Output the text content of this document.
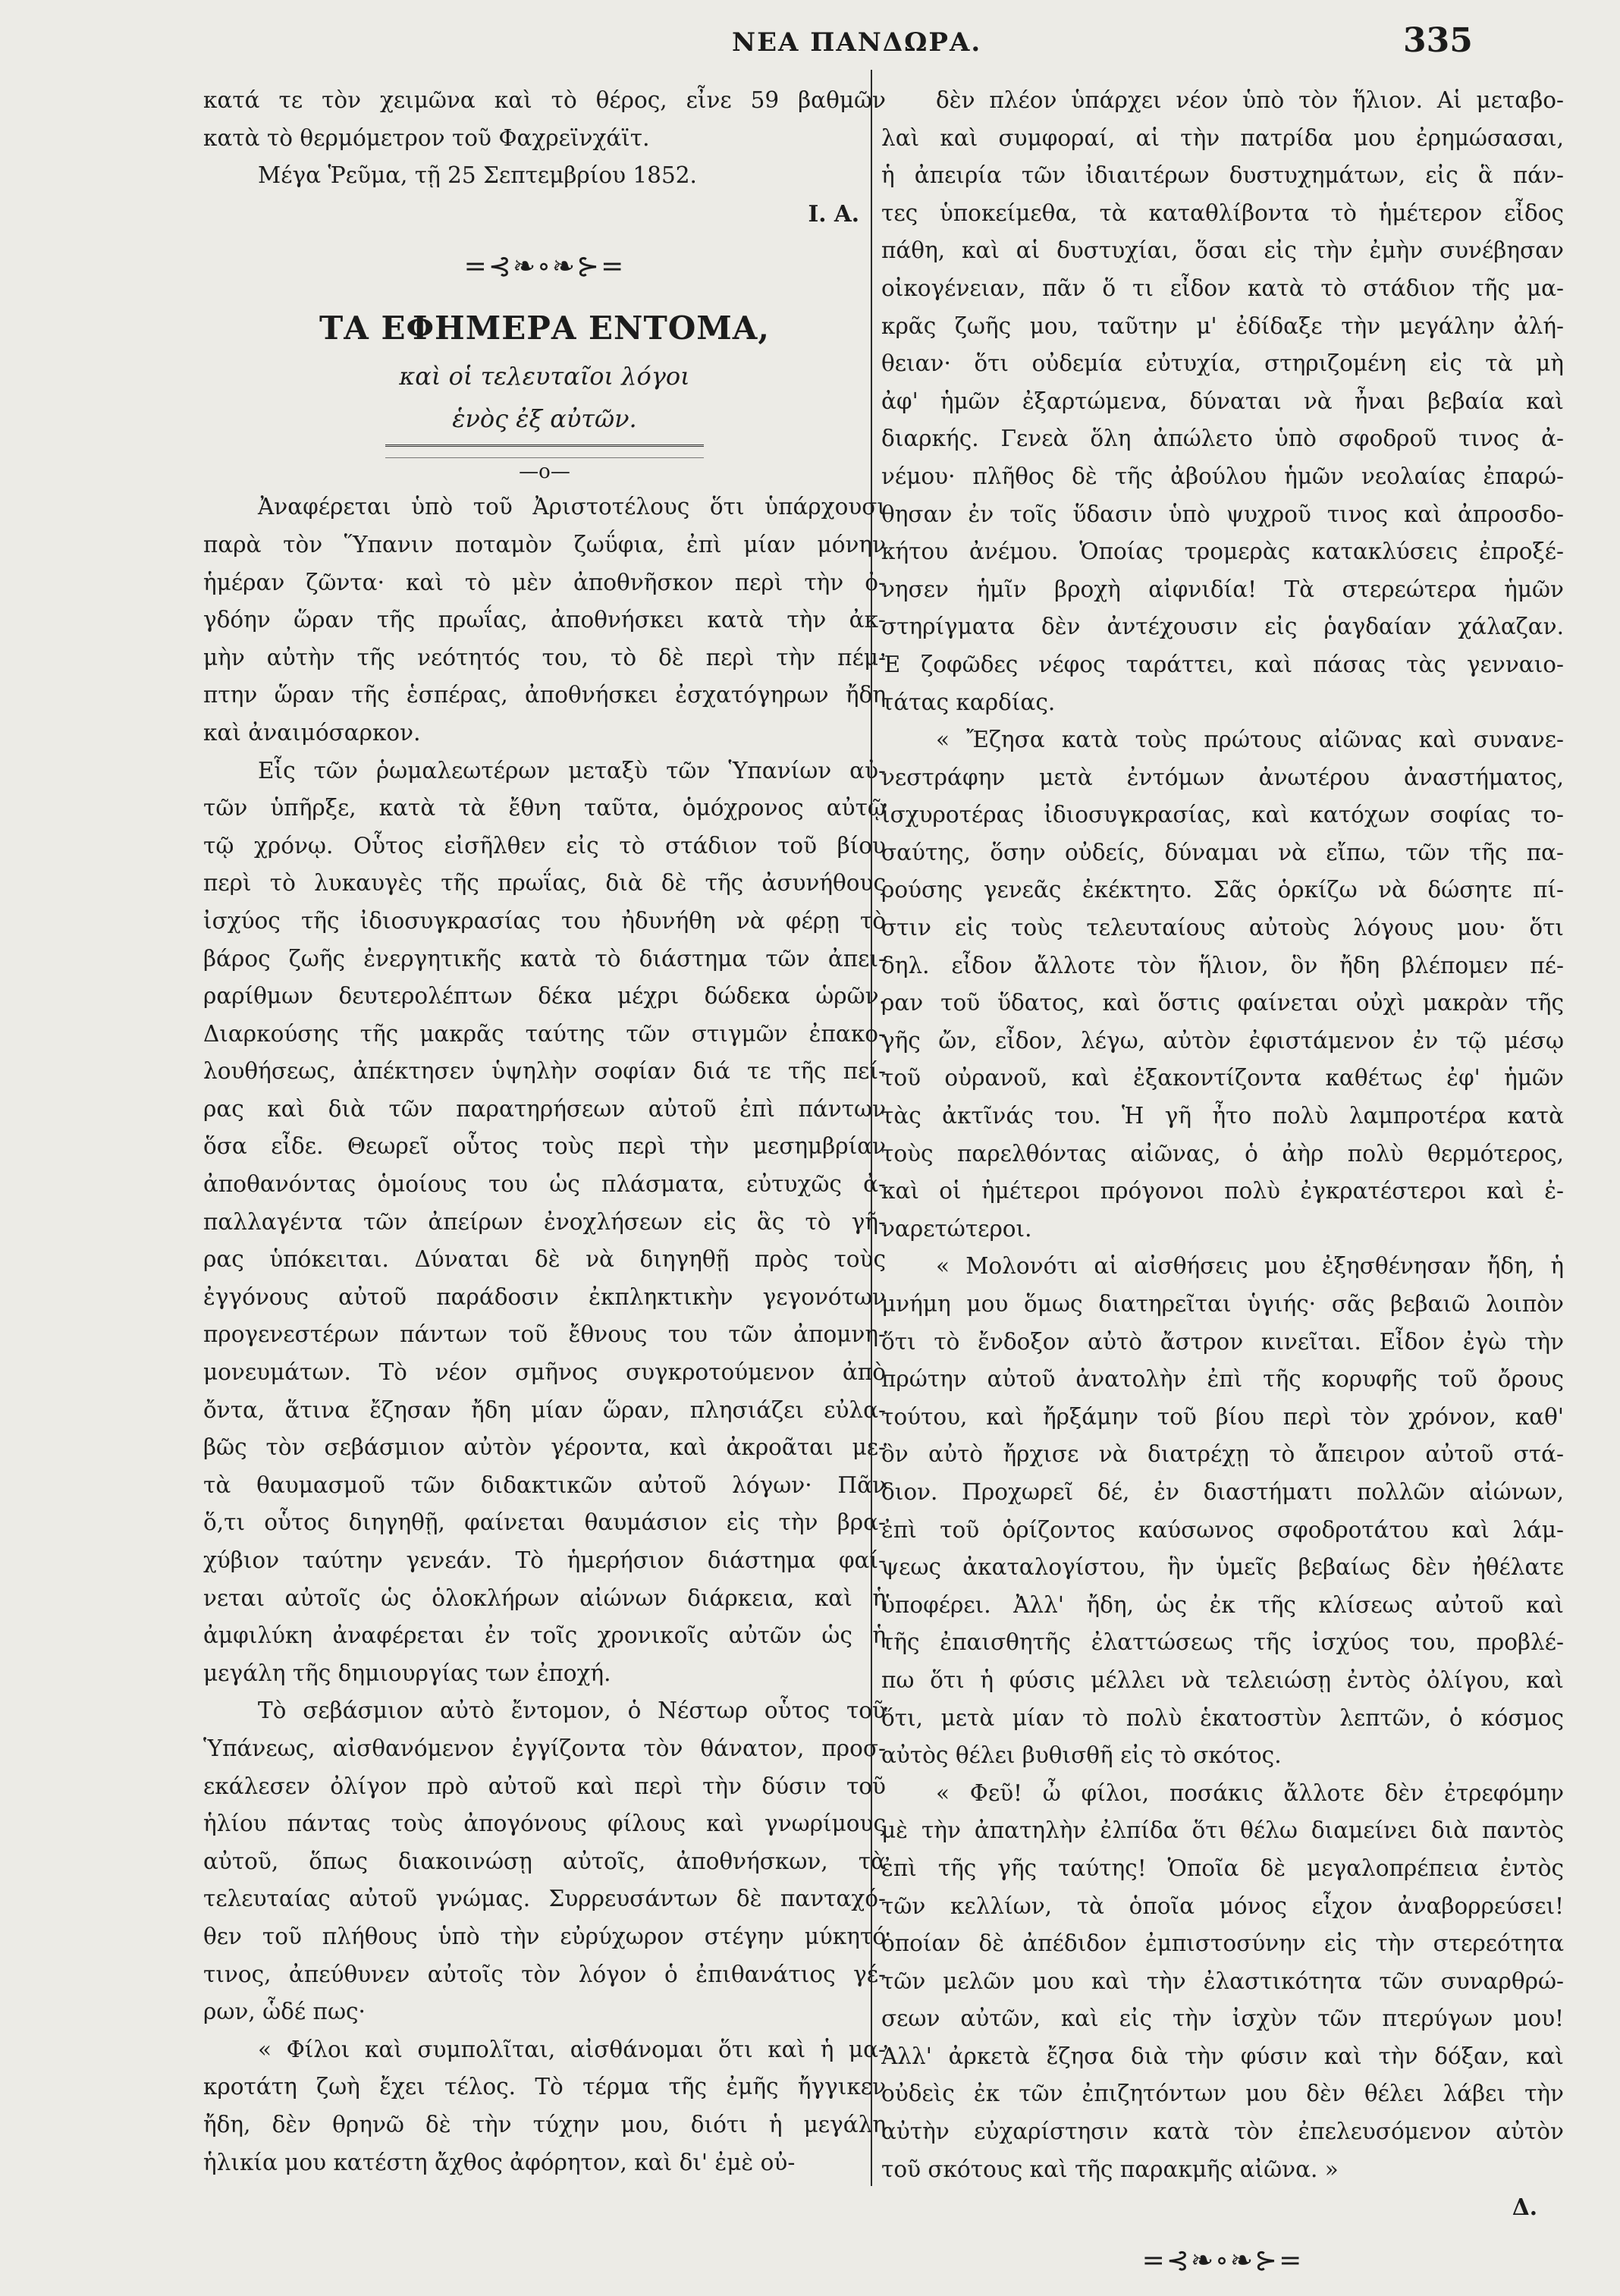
ΝΕΑ ΠΑΝΔΩΡΑ.	335
κατά τε τὸν χειμῶνα καὶ τὸ θέρος, εἶνε 59 βαθμῶν
κατὰ τὸ θερμόμετρον τοῦ Φαχρεϊνχάϊτ.
Μέγα Ῥεῦμα, τῇ 25 Σεπτεμβρίου 1852.
Ι. Α.
=⊰❧∘❧⊱=
ΤΑ ΕΦΗΜΕΡΑ ΕΝΤΟΜΑ,
καὶ οἱ τελευταῖοι λόγοι
ἑνὸς ἐξ αὐτῶν.
—o—
Ἀναφέρεται ὑπὸ τοῦ Ἀριστοτέλους ὅτι ὑπάρχουσι
παρὰ τὸν Ὕπανιν ποταμὸν ζωΰφια, ἐπὶ μίαν μόνην
ἡμέραν ζῶντα· καὶ τὸ μὲν ἀποθνῆσκον περὶ τὴν ὀ-
γδόην ὥραν τῆς πρωΐας, ἀποθνήσκει κατὰ τὴν ἀκ-
μὴν αὐτὴν τῆς νεότητός του, τὸ δὲ περὶ τὴν πέμ-
πτην ὥραν τῆς ἑσπέρας, ἀποθνήσκει ἐσχατόγηρων ἤδη
καὶ ἀναιμόσαρκον.
Εἷς τῶν ῥωμαλεωτέρων μεταξὺ τῶν Ὑπανίων αὐ-
τῶν ὑπῆρξε, κατὰ τὰ ἔθνη ταῦτα, ὁμόχρονος αὐτῷ
τῷ χρόνῳ. Οὗτος εἰσῆλθεν εἰς τὸ στάδιον τοῦ βίου
περὶ τὸ λυκαυγὲς τῆς πρωΐας, διὰ δὲ τῆς ἀσυνήθους
ἰσχύος τῆς ἰδιοσυγκρασίας του ἠδυνήθη νὰ φέρῃ τὸ
βάρος ζωῆς ἐνεργητικῆς κατὰ τὸ διάστημα τῶν ἀπει-
ραρίθμων δευτερολέπτων δέκα μέχρι δώδεκα ὡρῶν.
Διαρκούσης τῆς μακρᾶς ταύτης τῶν στιγμῶν ἐπακο-
λουθήσεως, ἀπέκτησεν ὑψηλὴν σοφίαν διά τε τῆς πεί-
ρας καὶ διὰ τῶν παρατηρήσεων αὐτοῦ ἐπὶ πάντων
ὅσα εἶδε. Θεωρεῖ οὗτος τοὺς περὶ τὴν μεσημβρίαν
ἀποθανόντας ὁμοίους του ὡς πλάσματα, εὐτυχῶς ἀ-
παλλαγέντα τῶν ἀπείρων ἐνοχλήσεων εἰς ἃς τὸ γῆ-
ρας ὑπόκειται. Δύναται δὲ νὰ διηγηθῇ πρὸς τοὺς
ἐγγόνους αὐτοῦ παράδοσιν ἐκπληκτικὴν γεγονότων
προγενεστέρων πάντων τοῦ ἔθνους του τῶν ἀπομνη-
μονευμάτων. Τὸ νέον σμῆνος συγκροτούμενον ἀπὸ
ὄντα, ἅτινα ἔζησαν ἤδη μίαν ὥραν, πλησιάζει εὐλα-
βῶς τὸν σεβάσμιον αὐτὸν γέροντα, καὶ ἀκροᾶται με-
τὰ θαυμασμοῦ τῶν διδακτικῶν αὐτοῦ λόγων· Πᾶν
ὅ,τι οὗτος διηγηθῇ, φαίνεται θαυμάσιον εἰς τὴν βρα-
χύβιον ταύτην γενεάν. Τὸ ἡμερήσιον διάστημα φαί-
νεται αὐτοῖς ὡς ὁλοκλήρων αἰώνων διάρκεια, καὶ ἡ
ἀμφιλύκη ἀναφέρεται ἐν τοῖς χρονικοῖς αὐτῶν ὡς ἡ
μεγάλη τῆς δημιουργίας των ἐποχή.
Τὸ σεβάσμιον αὐτὸ ἔντομον, ὁ Νέστωρ οὗτος τοῦ
Ὑπάνεως, αἰσθανόμενον ἐγγίζοντα τὸν θάνατον, προσ-
εκάλεσεν ὀλίγον πρὸ αὐτοῦ καὶ περὶ τὴν δύσιν τοῦ
ἡλίου πάντας τοὺς ἀπογόνους φίλους καὶ γνωρίμους
αὐτοῦ, ὅπως διακοινώσῃ αὐτοῖς, ἀποθνήσκων, τὰ
τελευταίας αὐτοῦ γνώμας. Συρρευσάντων δὲ πανταχό-
θεν τοῦ πλήθους ὑπὸ τὴν εὐρύχωρον στέγην μύκητό
τινος, ἀπεύθυνεν αὐτοῖς τὸν λόγον ὁ ἐπιθανάτιος γέ-
ρων, ὧδέ πως·
« Φίλοι καὶ συμπολῖται, αἰσθάνομαι ὅτι καὶ ἡ μα-
κροτάτη ζωὴ ἔχει τέλος. Τὸ τέρμα τῆς ἐμῆς ἤγγικεν
ἤδη, δὲν θρηνῶ δὲ τὴν τύχην μου, διότι ἡ μεγάλη
ἡλικία μου κατέστη ἄχθος ἀφόρητον, καὶ δι' ἐμὲ οὐ-
δὲν πλέον ὑπάρχει νέον ὑπὸ τὸν ἥλιον. Αἱ μεταβο-
λαὶ καὶ συμφοραί, αἱ τὴν πατρίδα μου ἐρημώσασαι,
ἡ ἀπειρία τῶν ἰδιαιτέρων δυστυχημάτων, εἰς ἃ πάν-
τες ὑποκείμεθα, τὰ καταθλίβοντα τὸ ἡμέτερον εἶδος
πάθη, καὶ αἱ δυστυχίαι, ὅσαι εἰς τὴν ἐμὴν συνέβησαν
οἰκογένειαν, πᾶν ὅ τι εἶδον κατὰ τὸ στάδιον τῆς μα-
κρᾶς ζωῆς μου, ταῦτην μ' ἐδίδαξε τὴν μεγάλην ἀλή-
θειαν· ὅτι οὐδεμία εὐτυχία, στηριζομένη εἰς τὰ μὴ
ἀφ' ἡμῶν ἐξαρτώμενα, δύναται νὰ ἦναι βεβαία καὶ
διαρκής. Γενεὰ ὅλη ἀπώλετο ὑπὸ σφοδροῦ τινος ἀ-
νέμου· πλῆθος δὲ τῆς ἀβούλου ἡμῶν νεολαίας ἐπαρώ-
θησαν ἐν τοῖς ὕδασιν ὑπὸ ψυχροῦ τινος καὶ ἀπροσδο-
κήτου ἀνέμου. Ὁποίας τρομερὰς κατακλύσεις ἐπροξέ-
νησεν ἡμῖν βροχὴ αἰφνιδία! Τὰ στερεώτερα ἡμῶν
στηρίγματα δὲν ἀντέχουσιν εἰς ῥαγδαίαν χάλαζαν.
Ἐ ζοφῶδες νέφος ταράττει, καὶ πάσας τὰς γενναιο-
τάτας καρδίας.
« Ἔζησα κατὰ τοὺς πρώτους αἰῶνας καὶ συνανε-
νεστράφην μετὰ ἐντόμων ἀνωτέρου ἀναστήματος,
ἰσχυροτέρας ἰδιοσυγκρασίας, καὶ κατόχων σοφίας το-
σαύτης, ὅσην οὐδείς, δύναμαι νὰ εἴπω, τῶν τῆς πα-
ρούσης γενεᾶς ἐκέκτητο. Σᾶς ὁρκίζω νὰ δώσητε πί-
στιν εἰς τοὺς τελευταίους αὐτοὺς λόγους μου· ὅτι
δηλ. εἶδον ἄλλοτε τὸν ἥλιον, ὃν ἤδη βλέπομεν πέ-
ραν τοῦ ὕδατος, καὶ ὅστις φαίνεται οὐχὶ μακρὰν τῆς
γῆς ὤν, εἶδον, λέγω, αὐτὸν ἐφιστάμενον ἐν τῷ μέσῳ
τοῦ οὐρανοῦ, καὶ ἐξακοντίζοντα καθέτως ἐφ' ἡμῶν
τὰς ἀκτῖνάς του. Ἡ γῆ ἦτο πολὺ λαμπροτέρα κατὰ
τοὺς παρελθόντας αἰῶνας, ὁ ἀὴρ πολὺ θερμότερος,
καὶ οἱ ἡμέτεροι πρόγονοι πολὺ ἐγκρατέστεροι καὶ ἐ-
ναρετώτεροι.
« Μολονότι αἱ αἰσθήσεις μου ἐξησθένησαν ἤδη, ἡ
μνήμη μου ὅμως διατηρεῖται ὑγιής· σᾶς βεβαιῶ λοιπὸν
ὅτι τὸ ἔνδοξον αὐτὸ ἄστρον κινεῖται. Εἶδον ἐγὼ τὴν
πρώτην αὐτοῦ ἀνατολὴν ἐπὶ τῆς κορυφῆς τοῦ ὄρους
τούτου, καὶ ἤρξάμην τοῦ βίου περὶ τὸν χρόνον, καθ'
ὃν αὐτὸ ἤρχισε νὰ διατρέχῃ τὸ ἄπειρον αὐτοῦ στά-
διον. Προχωρεῖ δέ, ἐν διαστήματι πολλῶν αἰώνων,
ἐπὶ τοῦ ὁρίζοντος καύσωνος σφοδροτάτου καὶ λάμ-
ψεως ἀκαταλογίστου, ἣν ὑμεῖς βεβαίως δὲν ἠθέλατε
ὑποφέρει. Ἀλλ' ἤδη, ὡς ἐκ τῆς κλίσεως αὐτοῦ καὶ
τῆς ἐπαισθητῆς ἐλαττώσεως τῆς ἰσχύος του, προβλέ-
πω ὅτι ἡ φύσις μέλλει νὰ τελειώσῃ ἐντὸς ὀλίγου, καὶ
ὅτι, μετὰ μίαν τὸ πολὺ ἑκατοστὺν λεπτῶν, ὁ κόσμος
αὐτὸς θέλει βυθισθῆ εἰς τὸ σκότος.
« Φεῦ! ὦ φίλοι, ποσάκις ἄλλοτε δὲν ἐτρεφόμην
μὲ τὴν ἀπατηλὴν ἐλπίδα ὅτι θέλω διαμείνει διὰ παντὸς
ἐπὶ τῆς γῆς ταύτης! Ὁποῖα δὲ μεγαλοπρέπεια ἐντὸς
τῶν κελλίων, τὰ ὁποῖα μόνος εἶχον ἀναβορρεύσει!
ὁποίαν δὲ ἀπέδιδον ἐμπιστοσύνην εἰς τὴν στερεότητα
τῶν μελῶν μου καὶ τὴν ἐλαστικότητα τῶν συναρθρώ-
σεων αὐτῶν, καὶ εἰς τὴν ἰσχὺν τῶν πτερύγων μου!
Ἀλλ' ἀρκετὰ ἔζησα διὰ τὴν φύσιν καὶ τὴν δόξαν, καὶ
οὐδεὶς ἐκ τῶν ἐπιζητόντων μου δὲν θέλει λάβει τὴν
αὐτὴν εὐχαρίστησιν κατὰ τὸν ἐπελευσόμενον αὐτὸν
τοῦ σκότους καὶ τῆς παρακμῆς αἰῶνα. »
Δ.
=⊰❧∘❧⊱=
